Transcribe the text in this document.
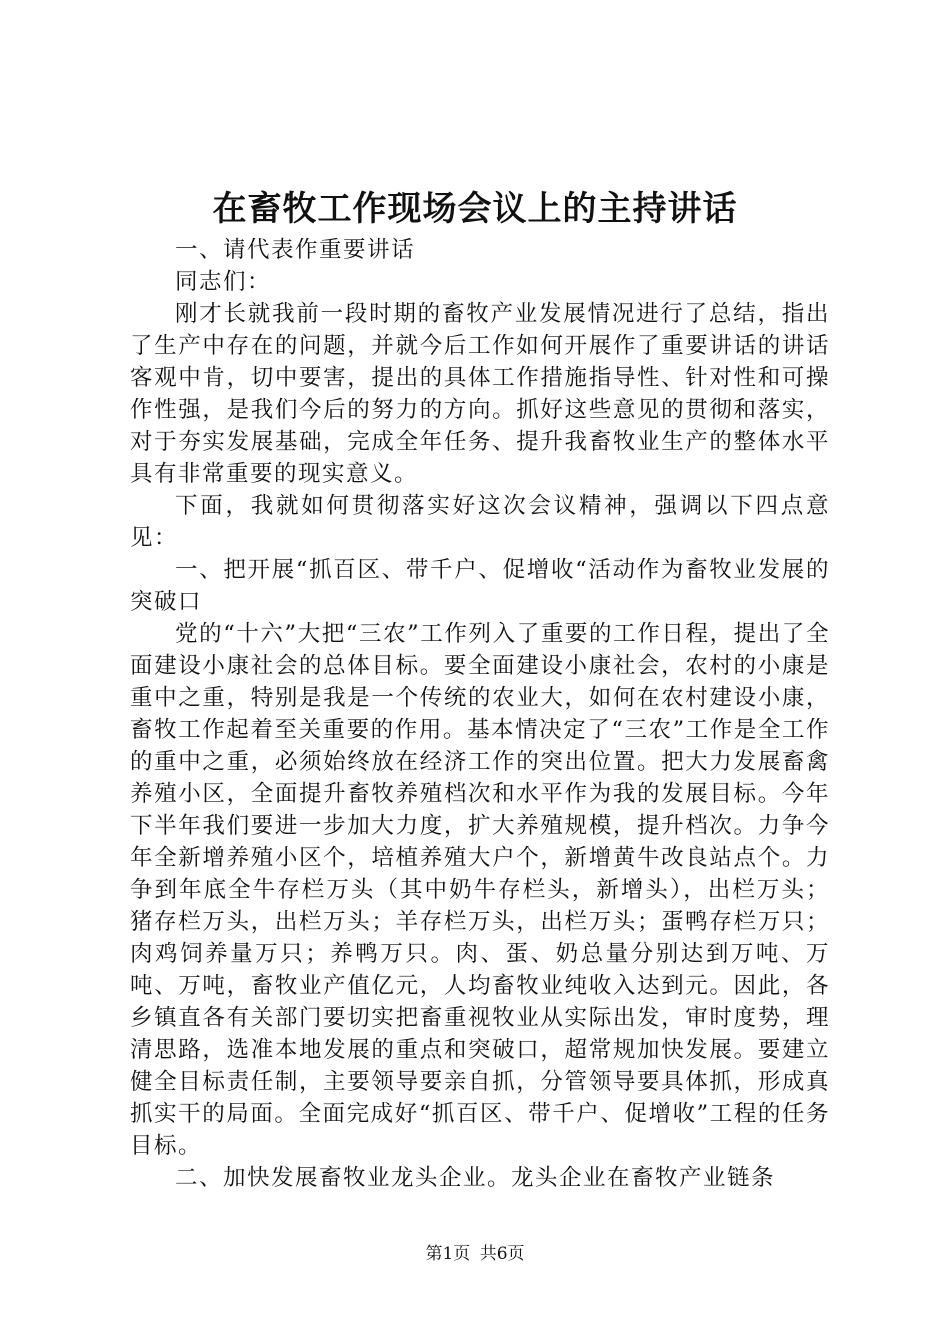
在畜牧工作现场会议上的主持讲话

一、请代表作重要讲话

同志们：

刚才长就我前一段时期的畜牧产业发展情况进行了总结，指出了生产中存在的问题，并就今后工作如何开展作了重要讲话的讲话客观中肯，切中要害，提出的具体工作措施指导性、针对性和可操作性强，是我们今后的努力的方向。抓好这些意见的贯彻和落实，对于夯实发展基础，完成全年任务、提升我畜牧业生产的整体水平具有非常重要的现实意义。

下面，我就如何贯彻落实好这次会议精神，强调以下四点意见：

一、把开展“抓百区、带千户、促增收“活动作为畜牧业发展的突破口

党的“十六”大把“三农”工作列入了重要的工作日程，提出了全面建设小康社会的总体目标。要全面建设小康社会，农村的小康是重中之重，特别是我是一个传统的农业大，如何在农村建设小康，畜牧工作起着至关重要的作用。基本情决定了“三农”工作是全工作的重中之重，必须始终放在经济工作的突出位置。把大力发展畜禽养殖小区，全面提升畜牧养殖档次和水平作为我的发展目标。今年下半年我们要进一步加大力度，扩大养殖规模，提升档次。力争今年全新增养殖小区个，培植养殖大户个，新增黄牛改良站点个。力争到年底全牛存栏万头（其中奶牛存栏头，新增头），出栏万头；猪存栏万头，出栏万头；羊存栏万头，出栏万头；蛋鸭存栏万只；肉鸡饲养量万只；养鸭万只。肉、蛋、奶总量分别达到万吨、万吨、万吨，畜牧业产值亿元，人均畜牧业纯收入达到元。因此，各乡镇直各有关部门要切实把畜重视牧业从实际出发，审时度势，理清思路，选准本地发展的重点和突破口，超常规加快发展。要建立健全目标责任制，主要领导要亲自抓，分管领导要具体抓，形成真抓实干的局面。全面完成好“抓百区、带千户、促增收”工程的任务目标。

二、加快发展畜牧业龙头企业。龙头企业在畜牧产业链条

第1页 共6页
